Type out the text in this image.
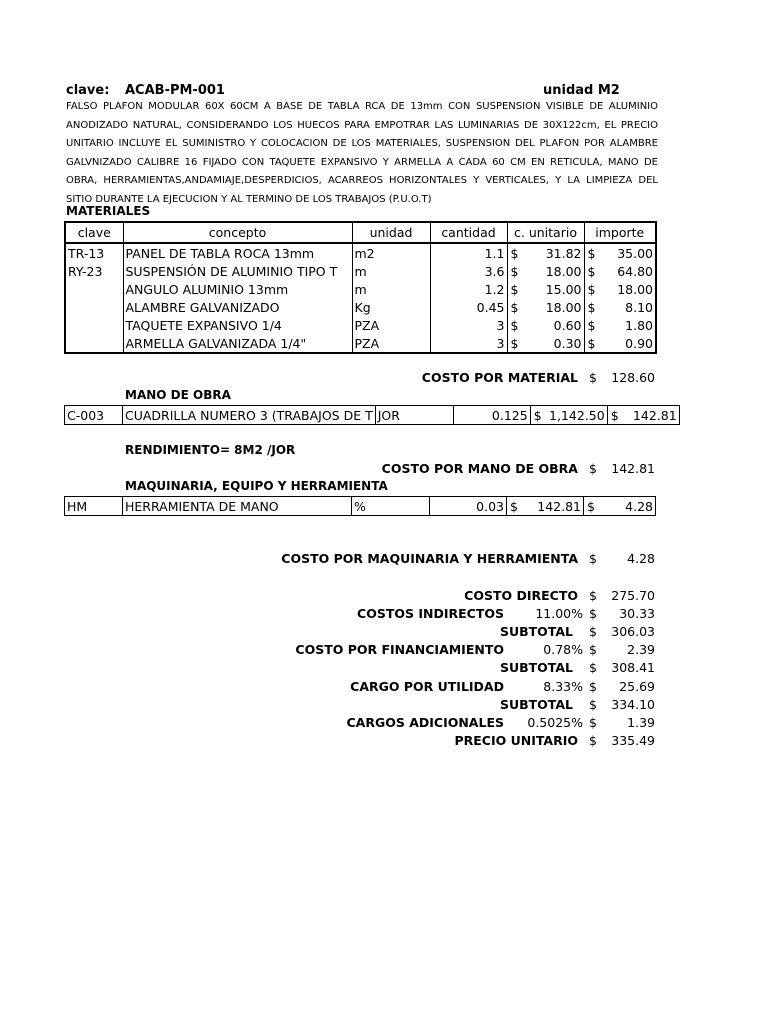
clave: ACAB-PM-001	unidad M2
FALSO PLAFON MODULAR 60X 60CM A BASE DE TABLA RCA DE 13mm CON SUSPENSION VISIBLE DE ALUMINIO ANODIZADO NATURAL, CONSIDERANDO LOS HUECOS PARA EMPOTRAR LAS LUMINARIAS DE 30X122cm, EL PRECIO UNITARIO INCLUYE EL SUMINISTRO Y COLOCACION DE LOS MATERIALES, SUSPENSION DEL PLAFON POR ALAMBRE GALVNIZADO CALIBRE 16 FIJADO CON TAQUETE EXPANSIVO Y ARMELLA A CADA 60 CM EN RETICULA, MANO DE OBRA, HERRAMIENTAS,ANDAMIAJE,DESPERDICIOS, ACARREOS HORIZONTALES Y VERTICALES, Y LA LIMPIEZA DEL SITIO DURANTE LA EJECUCION Y AL TERMINO DE LOS TRABAJOS (P.U.O.T)
MATERIALES
clave	concepto	unidad	cantidad	c. unitario	importe
TR-13	PANEL DE TABLA ROCA 13mm	m2	1.1	$ 31.82	$ 35.00

RY-23	SUSPENSIÓN DE ALUMINIO TIPO T	m	3.6	$ 18.00	$ 64.80

	ANGULO ALUMINIO 13mm	m	1.2	$ 15.00	$ 18.00

	ALAMBRE GALVANIZADO	Kg	0.45	$ 18.00	$ 8.10

	TAQUETE EXPANSIVO 1/4	PZA	3	$ 0.60	$ 1.80

	ARMELLA GALVANIZADA 1/4"	PZA	3	$ 0.30	$ 0.90
COSTO POR MATERIAL $	128.60
MANO DE OBRA
C-003	CUADRILLA NUMERO 3 (TRABAJOS DE T	JOR	0.125	$ 1,142.50	$ 142.81
RENDIMIENTO= 8M2 /JOR
COSTO POR MANO DE OBRA $	142.81
MAQUINARIA, EQUIPO Y HERRAMIENTA
HM	HERRAMIENTA DE MANO	%	0.03	$ 142.81	$ 4.28
COSTO POR MAQUINARIA Y HERRAMIENTA $	4.28
COSTO DIRECTO $	275.70
COSTOS INDIRECTOS	11.00% $	30.33
SUBTOTAL $	306.03
COSTO POR FINANCIAMIENTO	0.78% $	2.39
SUBTOTAL $	308.41
CARGO POR UTILIDAD	8.33% $	25.69
SUBTOTAL $	334.10
CARGOS ADICIONALES	0.5025% $	1.39
PRECIO UNITARIO $	335.49
